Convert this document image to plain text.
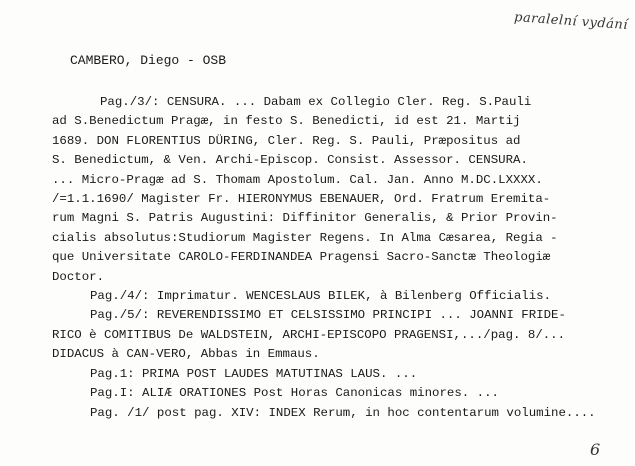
paralelní vydání
CAMBERO, Diego - OSB
Pag./3/: CENSURA. ... Dabam ex Collegio Cler. Reg. S.Pauli
ad S.Benedictum Pragæ, in festo S. Benedicti, id est 21. Martij
1689. DON FLORENTIUS DÜRING, Cler. Reg. S. Pauli, Præpositus ad
S. Benedictum, & Ven. Archi-Episcop. Consist. Assessor. CENSURA.
... Micro-Pragæ ad S. Thomam Apostolum. Cal. Jan. Anno M.DC.LXXXX.
/=1.1.1690/ Magister Fr. HIERONYMUS EBENAUER, Ord. Fratrum Eremita-
rum Magni S. Patris Augustini: Diffinitor Generalis, & Prior Provin-
cialis absolutus:Studiorum Magister Regens. In Alma Cæsarea, Regia -
que Universitate CAROLO-FERDINANDEA Pragensi Sacro-Sanctæ Theologiæ
Doctor.
Pag./4/: Imprimatur. WENCESLAUS BILEK, à Bilenberg Officialis.
Pag./5/: REVERENDISSIMO ET CELSISSIMO PRINCIPI ... JOANNI FRIDE-
RICO è COMITIBUS De WALDSTEIN, ARCHI-EPISCOPO PRAGENSI,.../pag. 8/...
DIDACUS à CAN-VERO, Abbas in Emmaus.
Pag.1: PRIMA POST LAUDES MATUTINAS LAUS. ...
Pag.I: ALIÆ ORATIONES Post Horas Canonicas minores. ...
Pag. /1/ post pag. XIV: INDEX Rerum, in hoc contentarum volumine....
6
